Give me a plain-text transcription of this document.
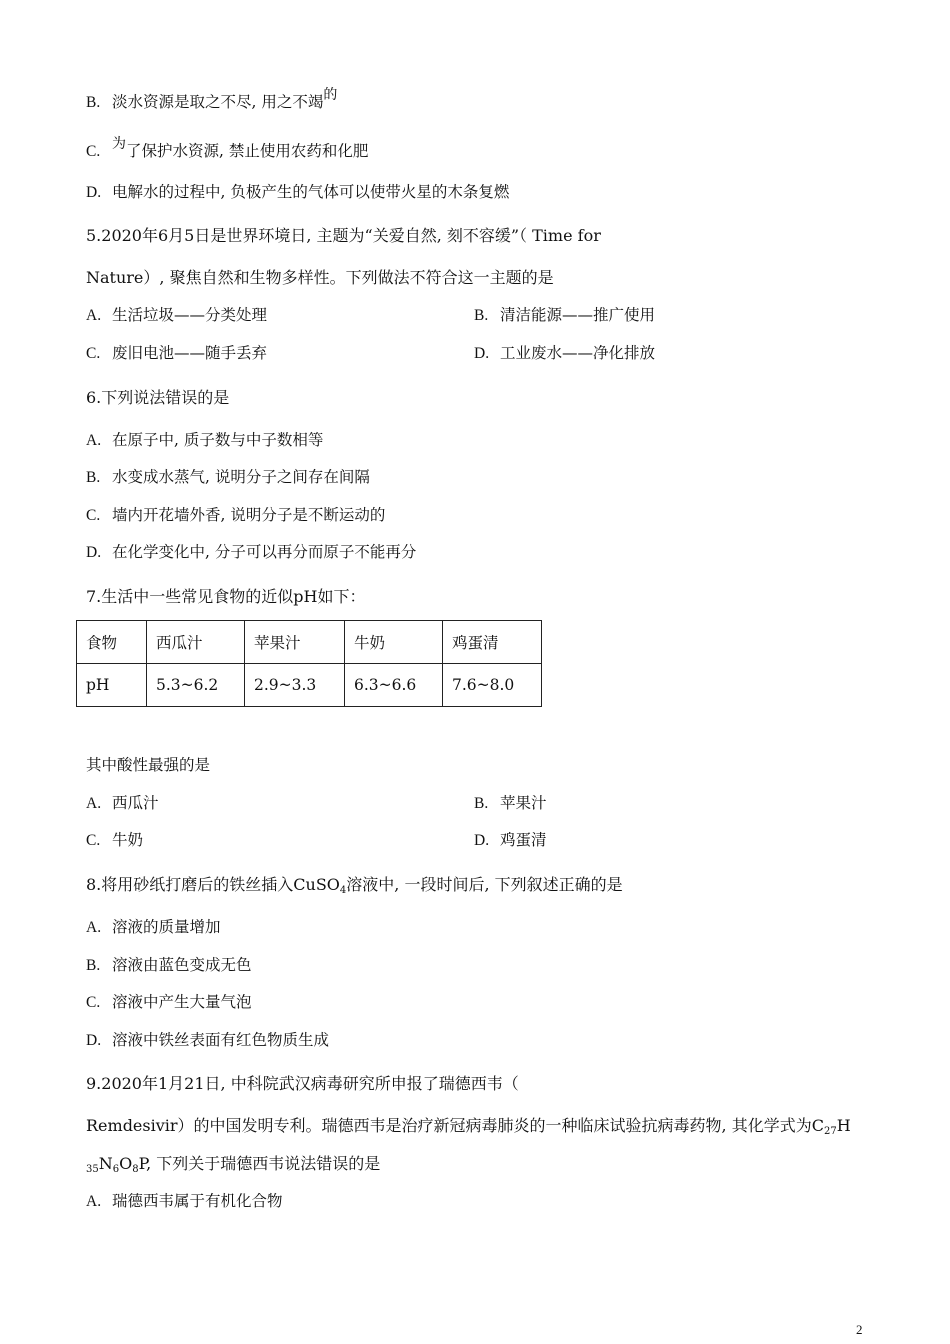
B. 淡水资源是取之不尽, 用之不竭的
C. 为了保护水资源, 禁止使用农药和化肥
D. 电解水的过程中, 负极产生的气体可以使带火星的木条复燃
5.2020年6月5日是世界环境日, 主题为“关爱自然, 刻不容缓”（ Time for
Nature）, 聚焦自然和生物多样性。下列做法不符合这一主题的是
A. 生活垃圾——分类处理	B. 清洁能源——推广使用
C. 废旧电池——随手丢弃	D. 工业废水——净化排放
6.下列说法错误的是
A. 在原子中, 质子数与中子数相等
B. 水变成水蒸气, 说明分子之间存在间隔
C. 墙内开花墙外香, 说明分子是不断运动的
D. 在化学变化中, 分子可以再分而原子不能再分
7.生活中一些常见食物的近似pH如下：
食物	西瓜汁	苹果汁	牛奶	鸡蛋清
pH	5.3~6.2	2.9~3.3	6.3~6.6	7.6~8.0
其中酸性最强的是
A. 西瓜汁	B. 苹果汁
C. 牛奶	D. 鸡蛋清
8.将用砂纸打磨后的铁丝插入CuSO$_4$溶液中, 一段时间后, 下列叙述正确的是
A. 溶液的质量增加
B. 溶液由蓝色变成无色
C. 溶液中产生大量气泡
D. 溶液中铁丝表面有红色物质生成
9.2020年1月21日, 中科院武汉病毒研究所申报了瑞德西韦（
Remdesivir）的中国发明专利。瑞德西韦是治疗新冠病毒肺炎的一种临床试验抗病毒药物, 其化学式为$C_{27}H$
$_{35}N_6O_8P$, 下列关于瑞德西韦说法错误的是
A. 瑞德西韦属于有机化合物
2
